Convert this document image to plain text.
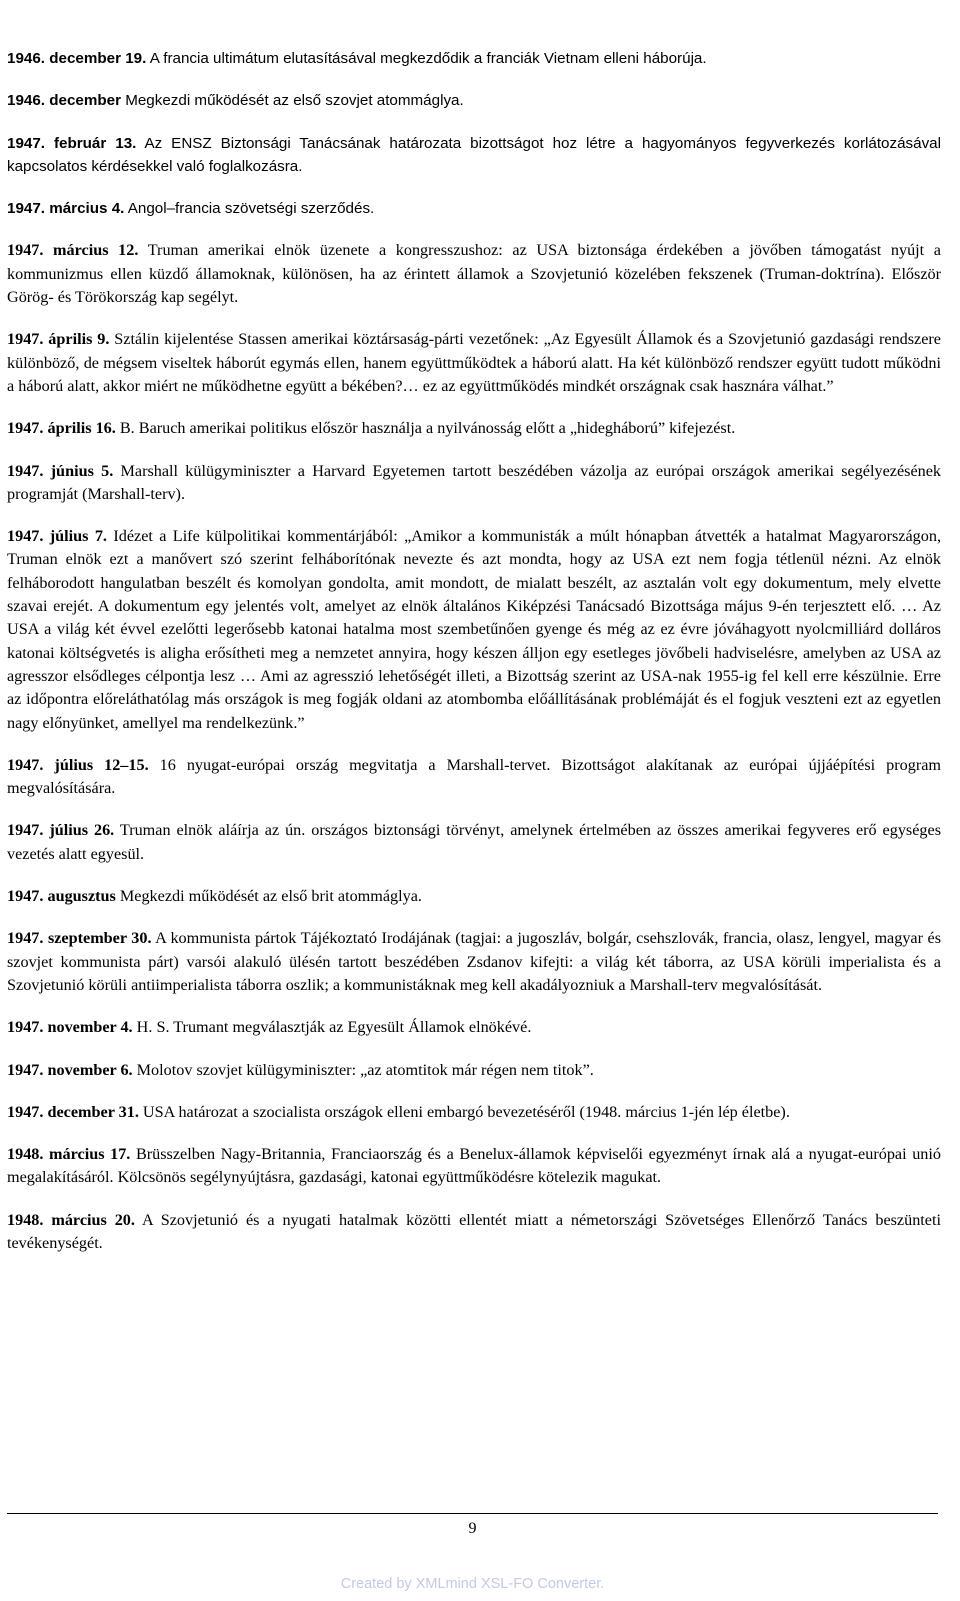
1946. december 19. A francia ultimátum elutasításával megkezdődik a franciák Vietnam elleni háborúja.

1946. december Megkezdi működését az első szovjet atommáglya.

1947. február 13. Az ENSZ Biztonsági Tanácsának határozata bizottságot hoz létre a hagyományos fegyverkezés korlátozásával kapcsolatos kérdésekkel való foglalkozásra.

1947. március 4. Angol–francia szövetségi szerződés.

1947. március 12. Truman amerikai elnök üzenete a kongresszushoz: az USA biztonsága érdekében a jövőben támogatást nyújt a kommunizmus ellen küzdő államoknak, különösen, ha az érintett államok a Szovjetunió közelében fekszenek (Truman-doktrína). Először Görög- és Törökország kap segélyt.

1947. április 9. Sztálin kijelentése Stassen amerikai köztársaság-párti vezetőnek: „Az Egyesült Államok és a Szovjetunió gazdasági rendszere különböző, de mégsem viseltek háborút egymás ellen, hanem együttműködtek a háború alatt. Ha két különböző rendszer együtt tudott működni a háború alatt, akkor miért ne működhetne együtt a békében?… ez az együttműködés mindkét országnak csak hasznára válhat.”

1947. április 16. B. Baruch amerikai politikus először használja a nyilvánosság előtt a „hidegháború” kifejezést.

1947. június 5. Marshall külügyminiszter a Harvard Egyetemen tartott beszédében vázolja az európai országok amerikai segélyezésének programját (Marshall-terv).

1947. július 7. Idézet a Life külpolitikai kommentárjából: „Amikor a kommunisták a múlt hónapban átvették a hatalmat Magyarországon, Truman elnök ezt a manővert szó szerint felháborítónak nevezte és azt mondta, hogy az USA ezt nem fogja tétlenül nézni. Az elnök felháborodott hangulatban beszélt és komolyan gondolta, amit mondott, de mialatt beszélt, az asztalán volt egy dokumentum, mely elvette szavai erejét. A dokumentum egy jelentés volt, amelyet az elnök általános Kiképzési Tanácsadó Bizottsága május 9-én terjesztett elő. … Az USA a világ két évvel ezelőtti legerősebb katonai hatalma most szembetűnően gyenge és még az ez évre jóváhagyott nyolcmilliárd dolláros katonai költségvetés is aligha erősítheti meg a nemzetet annyira, hogy készen álljon egy esetleges jövőbeli hadviselésre, amelyben az USA az agresszor elsődleges célpontja lesz … Ami az agresszió lehetőségét illeti, a Bizottság szerint az USA-nak 1955-ig fel kell erre készülnie. Erre az időpontra előreláthatólag más országok is meg fogják oldani az atombomba előállításának problémáját és el fogjuk veszteni ezt az egyetlen nagy előnyünket, amellyel ma rendelkezünk.”

1947. július 12–15. 16 nyugat-európai ország megvitatja a Marshall-tervet. Bizottságot alakítanak az európai újjáépítési program megvalósítására.

1947. július 26. Truman elnök aláírja az ún. országos biztonsági törvényt, amelynek értelmében az összes amerikai fegyveres erő egységes vezetés alatt egyesül.

1947. augusztus Megkezdi működését az első brit atommáglya.

1947. szeptember 30. A kommunista pártok Tájékoztató Irodájának (tagjai: a jugoszláv, bolgár, csehszlovák, francia, olasz, lengyel, magyar és szovjet kommunista párt) varsói alakuló ülésén tartott beszédében Zsdanov kifejti: a világ két táborra, az USA körüli imperialista és a Szovjetunió körüli antiimperialista táborra oszlik; a kommunistáknak meg kell akadályozniuk a Marshall-terv megvalósítását.

1947. november 4. H. S. Trumant megválasztják az Egyesült Államok elnökévé.

1947. november 6. Molotov szovjet külügyminiszter: „az atomtitok már régen nem titok”.

1947. december 31. USA határozat a szocialista országok elleni embargó bevezetéséről (1948. március 1-jén lép életbe).

1948. március 17. Brüsszelben Nagy-Britannia, Franciaország és a Benelux-államok képviselői egyezményt írnak alá a nyugat-európai unió megalakításáról. Kölcsönös segélynyújtásra, gazdasági, katonai együttműködésre kötelezik magukat.

1948. március 20. A Szovjetunió és a nyugati hatalmak közötti ellentét miatt a németországi Szövetséges Ellenőrző Tanács beszünteti tevékenységét.

9
Created by XMLmind XSL-FO Converter.
